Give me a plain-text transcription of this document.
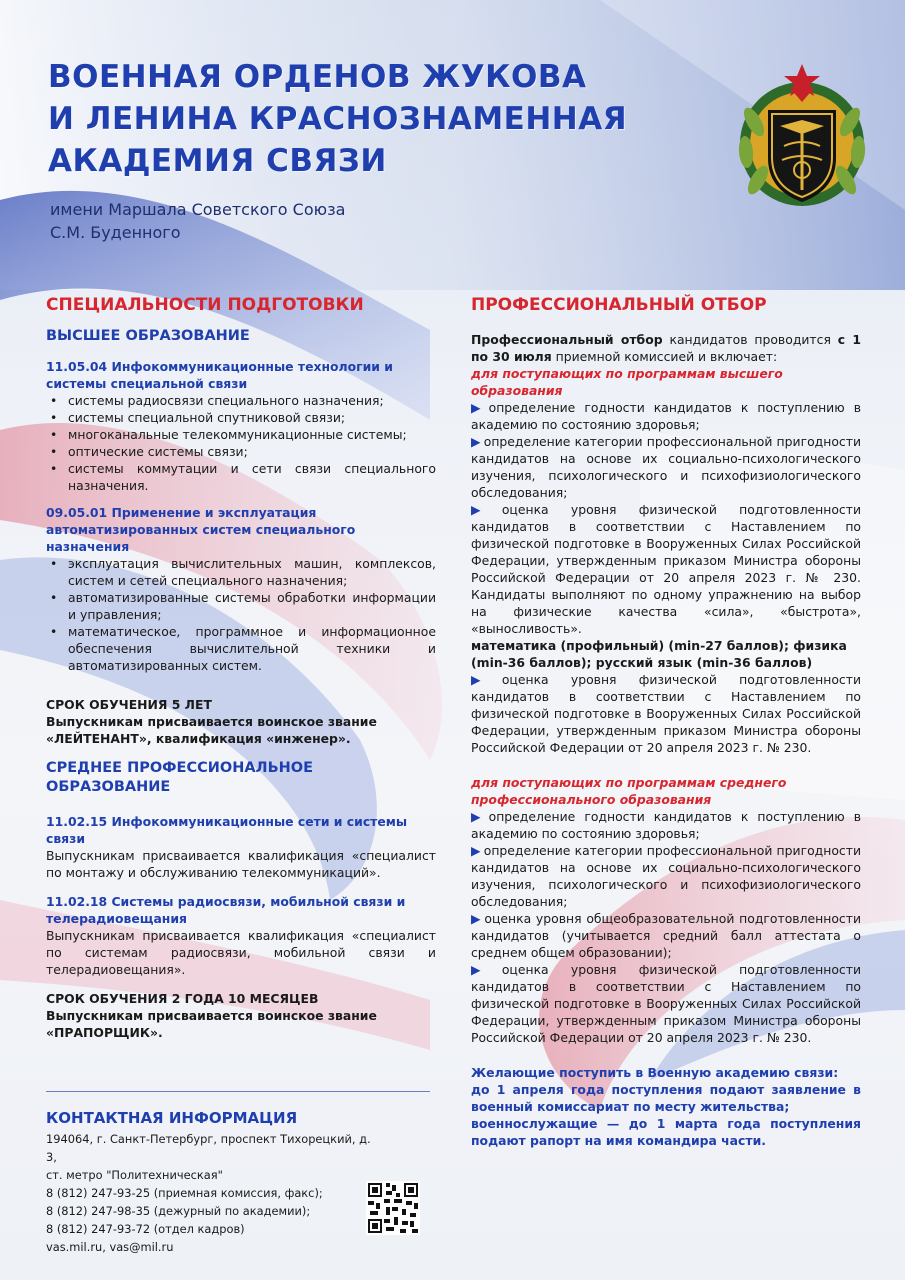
ВОЕННАЯ ОРДЕНОВ ЖУКОВА
И ЛЕНИНА КРАСНОЗНАМЕННАЯ
АКАДЕМИЯ СВЯЗИ
имени Маршала Советского Союза
С.М. Буденного
СПЕЦИАЛЬНОСТИ ПОДГОТОВКИ
ВЫСШЕЕ ОБРАЗОВАНИЕ
11.05.04 Инфокоммуникационные технологии и системы специальной связи
• системы радиосвязи специального назначения;
• системы специальной спутниковой связи;
• многоканальные телекоммуникационные системы;
• оптические системы связи;
• системы коммутации и сети связи специального назначения.
09.05.01 Применение и эксплуатация автоматизированных систем специального назначения
• эксплуатация вычислительных машин, комплексов, систем и сетей специального назначения;
• автоматизированные системы обработки информации и управления;
• математическое, программное и информационное обеспечения вычислительной техники и автоматизированных систем.
СРОК ОБУЧЕНИЯ 5 ЛЕТ
Выпускникам присваивается воинское звание «ЛЕЙТЕНАНТ», квалификация «инженер».
СРЕДНЕЕ ПРОФЕССИОНАЛЬНОЕ ОБРАЗОВАНИЕ
11.02.15 Инфокоммуникационные сети и системы связи
Выпускникам присваивается квалификация «специалист по монтажу и обслуживанию телекоммуникаций».
11.02.18 Системы радиосвязи, мобильной связи и телерадиовещания
Выпускникам присваивается квалификация «специалист по системам радиосвязи, мобильной связи и телерадиовещания».
СРОК ОБУЧЕНИЯ 2 ГОДА 10 МЕСЯЦЕВ
Выпускникам присваивается воинское звание «ПРАПОРЩИК».
КОНТАКТНАЯ ИНФОРМАЦИЯ
194064, г. Санкт-Петербург, проспект Тихорецкий, д. 3,
ст. метро "Политехническая"
8 (812) 247-93-25 (приемная комиссия, факс);
8 (812) 247-98-35 (дежурный по академии);
8 (812) 247-93-72 (отдел кадров)
vas.mil.ru, vas@mil.ru
ПРОФЕССИОНАЛЬНЫЙ ОТБОР

Профессиональный отбор кандидатов проводится с 1 по 30 июля приемной комиссией и включает:

для поступающих по программам высшего образования
▶ определение годности кандидатов к поступлению в академию по состоянию здоровья;
▶ определение категории профессиональной пригодности кандидатов на основе их социально-психологического изучения, психологического и психофизиологического обследования;
▶ оценка уровня физической подготовленности кандидатов в соответствии с Наставлением по физической подготовке в Вооруженных Силах Российской Федерации, утвержденным приказом Министра обороны Российской Федерации от 20 апреля 2023 г. № 230. Кандидаты выполняют по одному упражнению на выбор на физические качества «сила», «быстрота», «выносливость».
математика (профильный) (min-27 баллов); физика (min-36 баллов); русский язык (min-36 баллов)
▶ оценка уровня физической подготовленности кандидатов в соответствии с Наставлением по физической подготовке в Вооруженных Силах Российской Федерации, утвержденным приказом Министра обороны Российской Федерации от 20 апреля 2023 г. № 230.
для поступающих по программам среднего профессионального образования
▶ определение годности кандидатов к поступлению в академию по состоянию здоровья;
▶ определение категории профессиональной пригодности кандидатов на основе их социально-психологического изучения, психологического и психофизиологического обследования;
▶ оценка уровня общеобразовательной подготовленности кандидатов (учитывается средний балл аттестата о среднем общем образовании);
▶ оценка уровня физической подготовленности кандидатов в соответствии с Наставлением по физической подготовке в Вооруженных Силах Российской Федерации, утвержденным приказом Министра обороны Российской Федерации от 20 апреля 2023 г. № 230.
Желающие поступить в Военную академию связи:
до 1 апреля года поступления подают заявление в военный комиссариат по месту жительства;
военнослужащие — до 1 марта года поступления подают рапорт на имя командира части.
